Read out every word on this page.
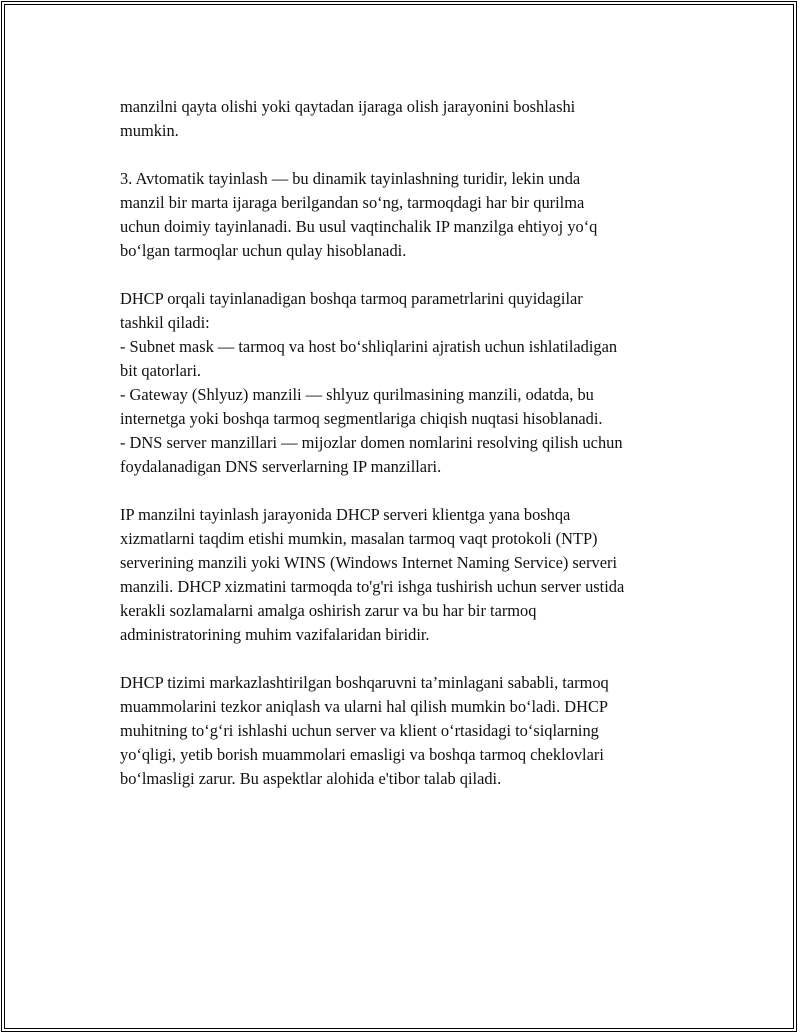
manzilni qayta olishi yoki qaytadan ijaraga olish jarayonini boshlashi
mumkin.

3. Avtomatik tayinlash — bu dinamik tayinlashning turidir, lekin unda
manzil bir marta ijaraga berilgandan soʻng, tarmoqdagi har bir qurilma
uchun doimiy tayinlanadi. Bu usul vaqtinchalik IP manzilga ehtiyoj yoʻq
boʻlgan tarmoqlar uchun qulay hisoblanadi.

DHCP orqali tayinlanadigan boshqa tarmoq parametrlarini quyidagilar
tashkil qiladi:
- Subnet mask — tarmoq va host boʻshliqlarini ajratish uchun ishlatiladigan
bit qatorlari.
- Gateway (Shlyuz) manzili — shlyuz qurilmasining manzili, odatda, bu
internetga yoki boshqa tarmoq segmentlariga chiqish nuqtasi hisoblanadi.
- DNS server manzillari — mijozlar domen nomlarini resolving qilish uchun
foydalanadigan DNS serverlarning IP manzillari.

IP manzilni tayinlash jarayonida DHCP serveri klientga yana boshqa
xizmatlarni taqdim etishi mumkin, masalan tarmoq vaqt protokoli (NTP)
serverining manzili yoki WINS (Windows Internet Naming Service) serveri
manzili. DHCP xizmatini tarmoqda to'g'ri ishga tushirish uchun server ustida
kerakli sozlamalarni amalga oshirish zarur va bu har bir tarmoq
administratorining muhim vazifalaridan biridir.

DHCP tizimi markazlashtirilgan boshqaruvni ta’minlagani sababli, tarmoq
muammolarini tezkor aniqlash va ularni hal qilish mumkin boʻladi. DHCP
muhitning toʻgʻri ishlashi uchun server va klient oʻrtasidagi toʻsiqlarning
yoʻqligi, yetib borish muammolari emasligi va boshqa tarmoq cheklovlari
boʻlmasligi zarur. Bu aspektlar alohida e'tibor talab qiladi.
